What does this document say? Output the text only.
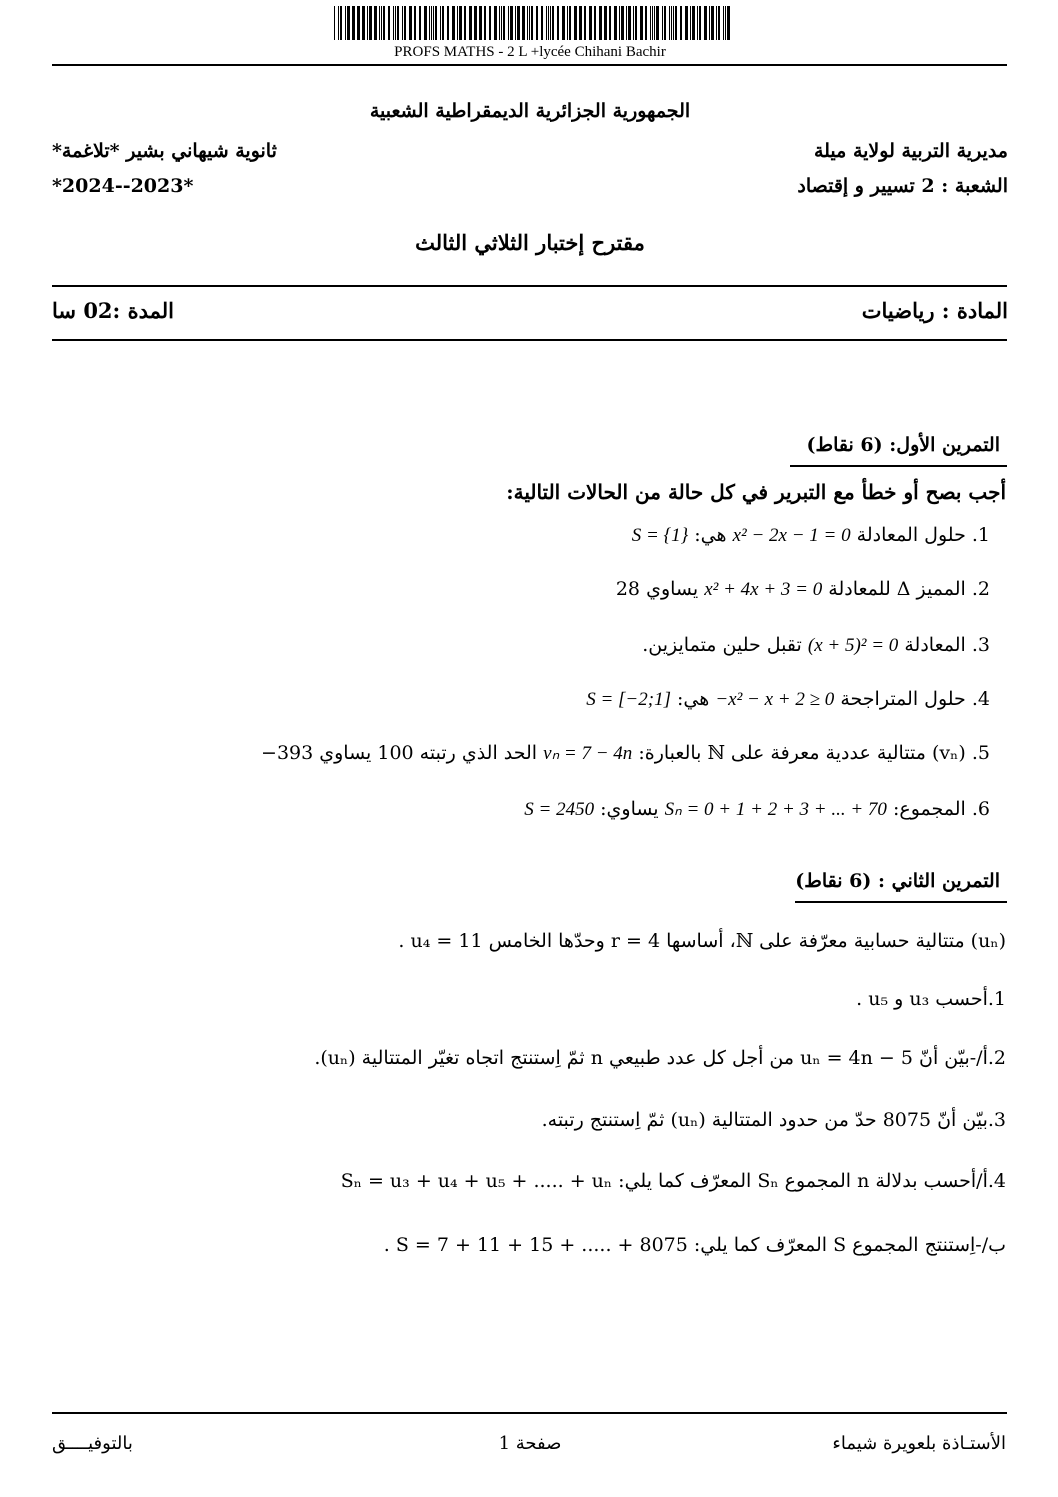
PROFS MATHS - 2 L +lycée Chihani Bachir
الجمهورية الجزائرية الديمقراطية الشعبية
مديرية التربية لولاية ميلة
ثانوية شيهاني بشير *تلاغمة*
الشعبة : 2 تسيير و إقتصاد
*2024--2023*
مقترح إختبار الثلاثي الثالث
المادة : رياضيات
المدة :02 سا
التمرين الأول: (6 نقاط)
أجب بصح أو خطأ مع التبرير في كل حالة من الحالات التالية:
1. حلول المعادلة x² − 2x − 1 = 0 هي: S = {1}
2. المميز Δ للمعادلة x² + 4x + 3 = 0 يساوي 28
3. المعادلة (x + 5)² = 0 تقبل حلين متمايزين.
4. حلول المتراجحة −x² − x + 2 ≥ 0 هي: S = [−2;1]
5. (vₙ) متتالية عددية معرفة على ℕ بالعبارة: vₙ = 7 − 4n الحد الذي رتبته 100 يساوي 393−
6. المجموع: Sₙ = 0 + 1 + 2 + 3 + ... + 70 يساوي: S = 2450
التمرين الثاني : (6 نقاط)
(uₙ) متتالية حسابية معرّفة على ℕ، أساسها r = 4 وحدّها الخامس u₄ = 11 .
1.أحسب u₃ و u₅ .
2.أ/-بيّن أنّ uₙ = 4n − 5 من أجل كل عدد طبيعي n ثمّ اِستنتج اتجاه تغيّر المتتالية (uₙ).
3.بيّن أنّ 8075 حدّ من حدود المتتالية (uₙ) ثمّ اِستنتج رتبته.
4.أ/أحسب بدلالة n المجموع Sₙ المعرّف كما يلي: Sₙ = u₃ + u₄ + u₅ + ..... + uₙ
ب/-اِستنتج المجموع S المعرّف كما يلي: S = 7 + 11 + 15 + ..... + 8075 .
الأستـاذة بلعويرة شيماء
صفحة 1
بالتوفيــــق
